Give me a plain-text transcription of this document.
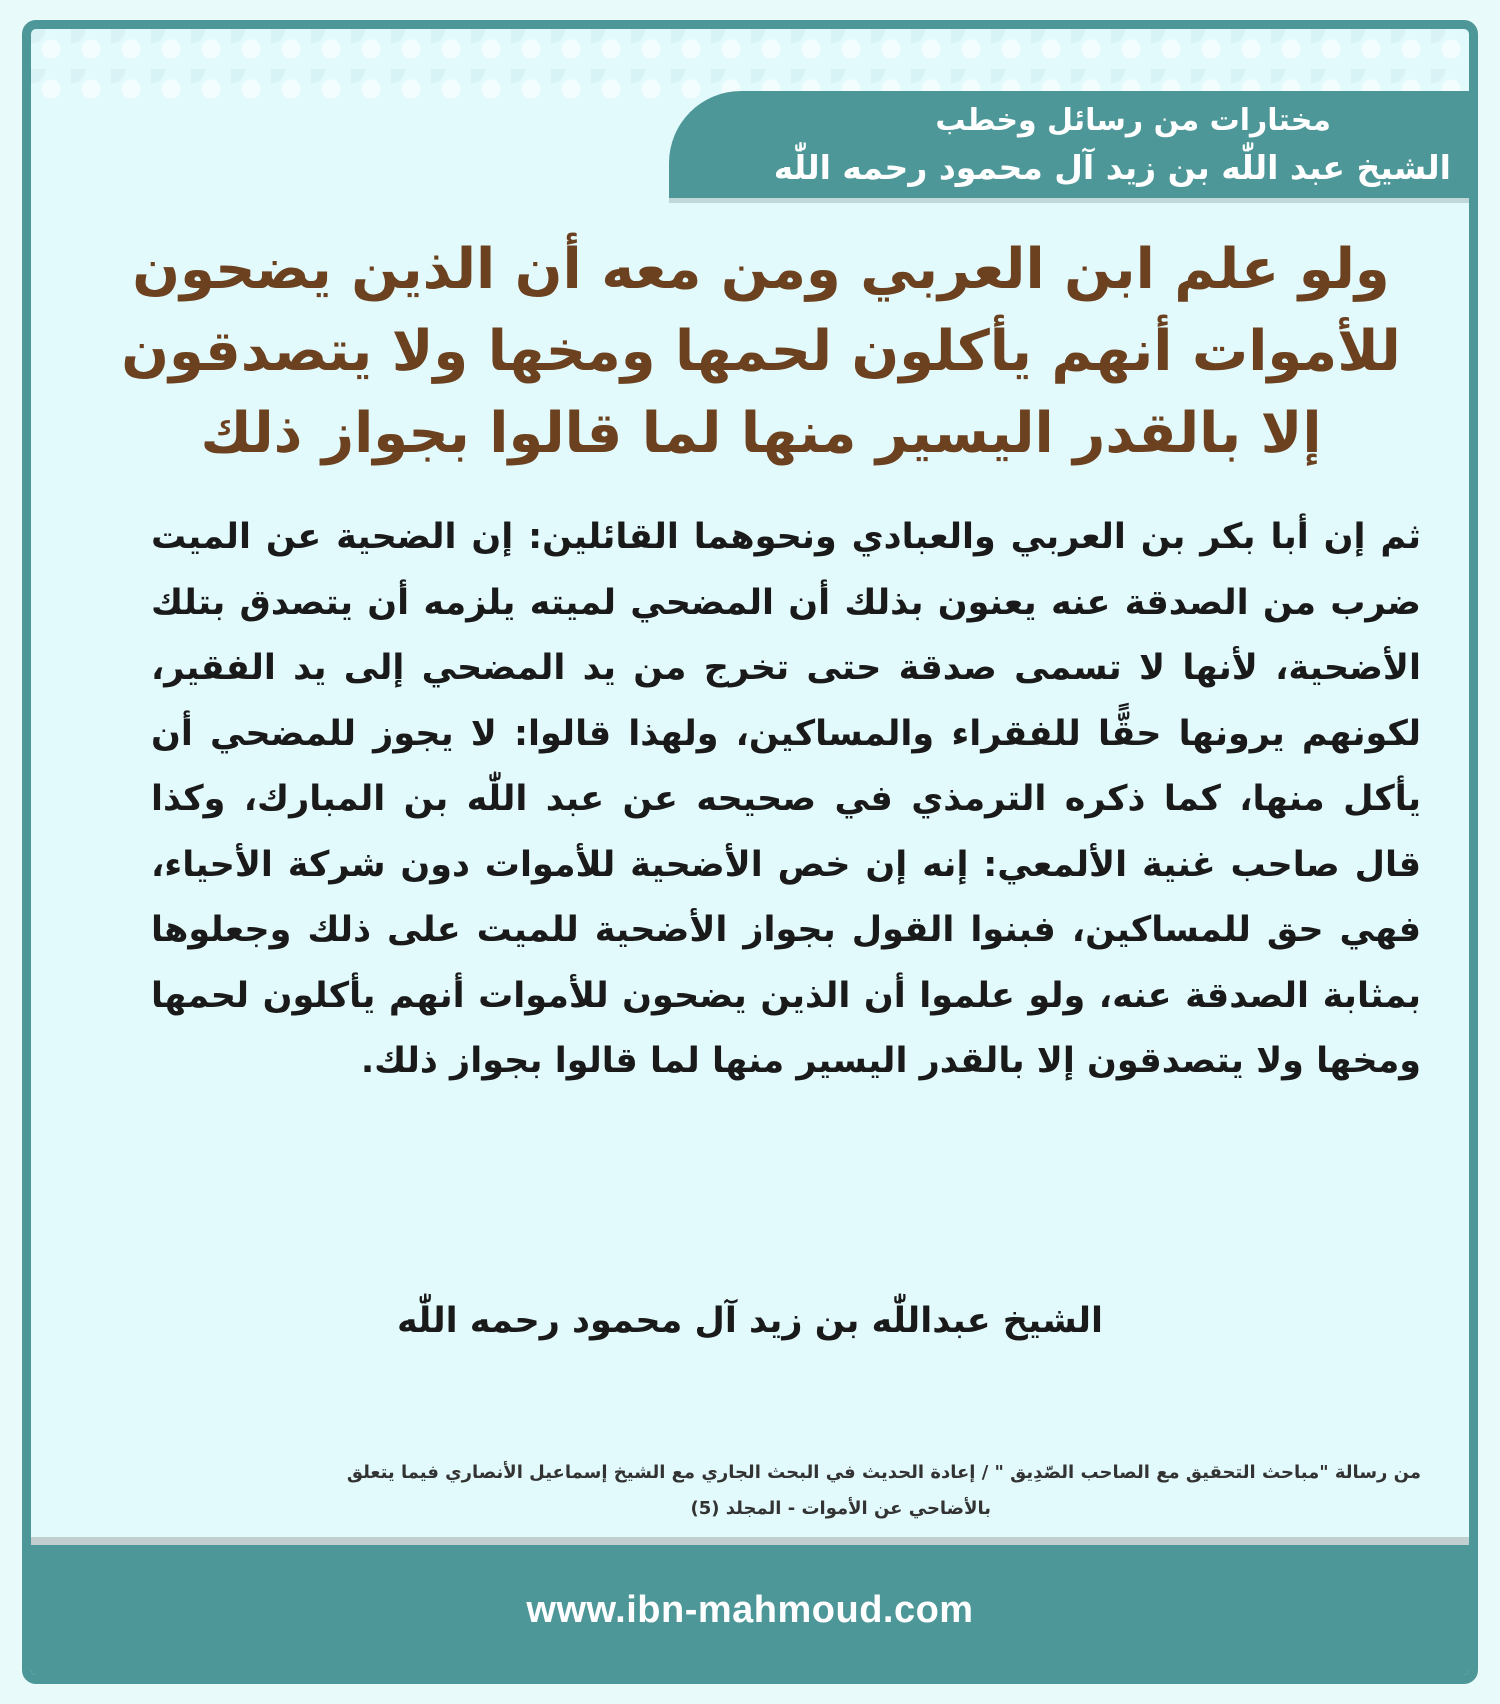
مختارات من رسائل وخطب
الشيخ عبد اللّٰه بن زيد آل محمود رحمه اللّٰه
ولو علم ابن العربي ومن معه أن الذين يضحون للأموات أنهم يأكلون لحمها ومخها ولا يتصدقون إلا بالقدر اليسير منها لما قالوا بجواز ذلك
ثم إن أبا بكر بن العربي والعبادي ونحوهما القائلين: إن الضحية عن الميت ضرب من الصدقة عنه يعنون بذلك أن المضحي لميته يلزمه أن يتصدق بتلك الأضحية، لأنها لا تسمى صدقة حتى تخرج من يد المضحي إلى يد الفقير، لكونهم يرونها حقًّا للفقراء والمساكين، ولهذا قالوا: لا يجوز للمضحي أن يأكل منها، كما ذكره الترمذي في صحيحه عن عبد اللّٰه بن المبارك، وكذا قال صاحب غنية الألمعي: إنه إن خص الأضحية للأموات دون شركة الأحياء، فهي حق للمساكين، فبنوا القول بجواز الأضحية للميت على ذلك وجعلوها بمثابة الصدقة عنه، ولو علموا أن الذين يضحون للأموات أنهم يأكلون لحمها ومخها ولا يتصدقون إلا بالقدر اليسير منها لما قالوا بجواز ذلك.
الشيخ عبداللّٰه بن زيد آل محمود رحمه اللّٰه
من رسالة "مباحث التحقيق مع الصاحب الصّدِيق " / إعادة الحديث في البحث الجاري مع الشيخ إسماعيل الأنصاري فيما يتعلق
بالأضاحي عن الأموات - المجلد (5)
www.ibn-mahmoud.com
